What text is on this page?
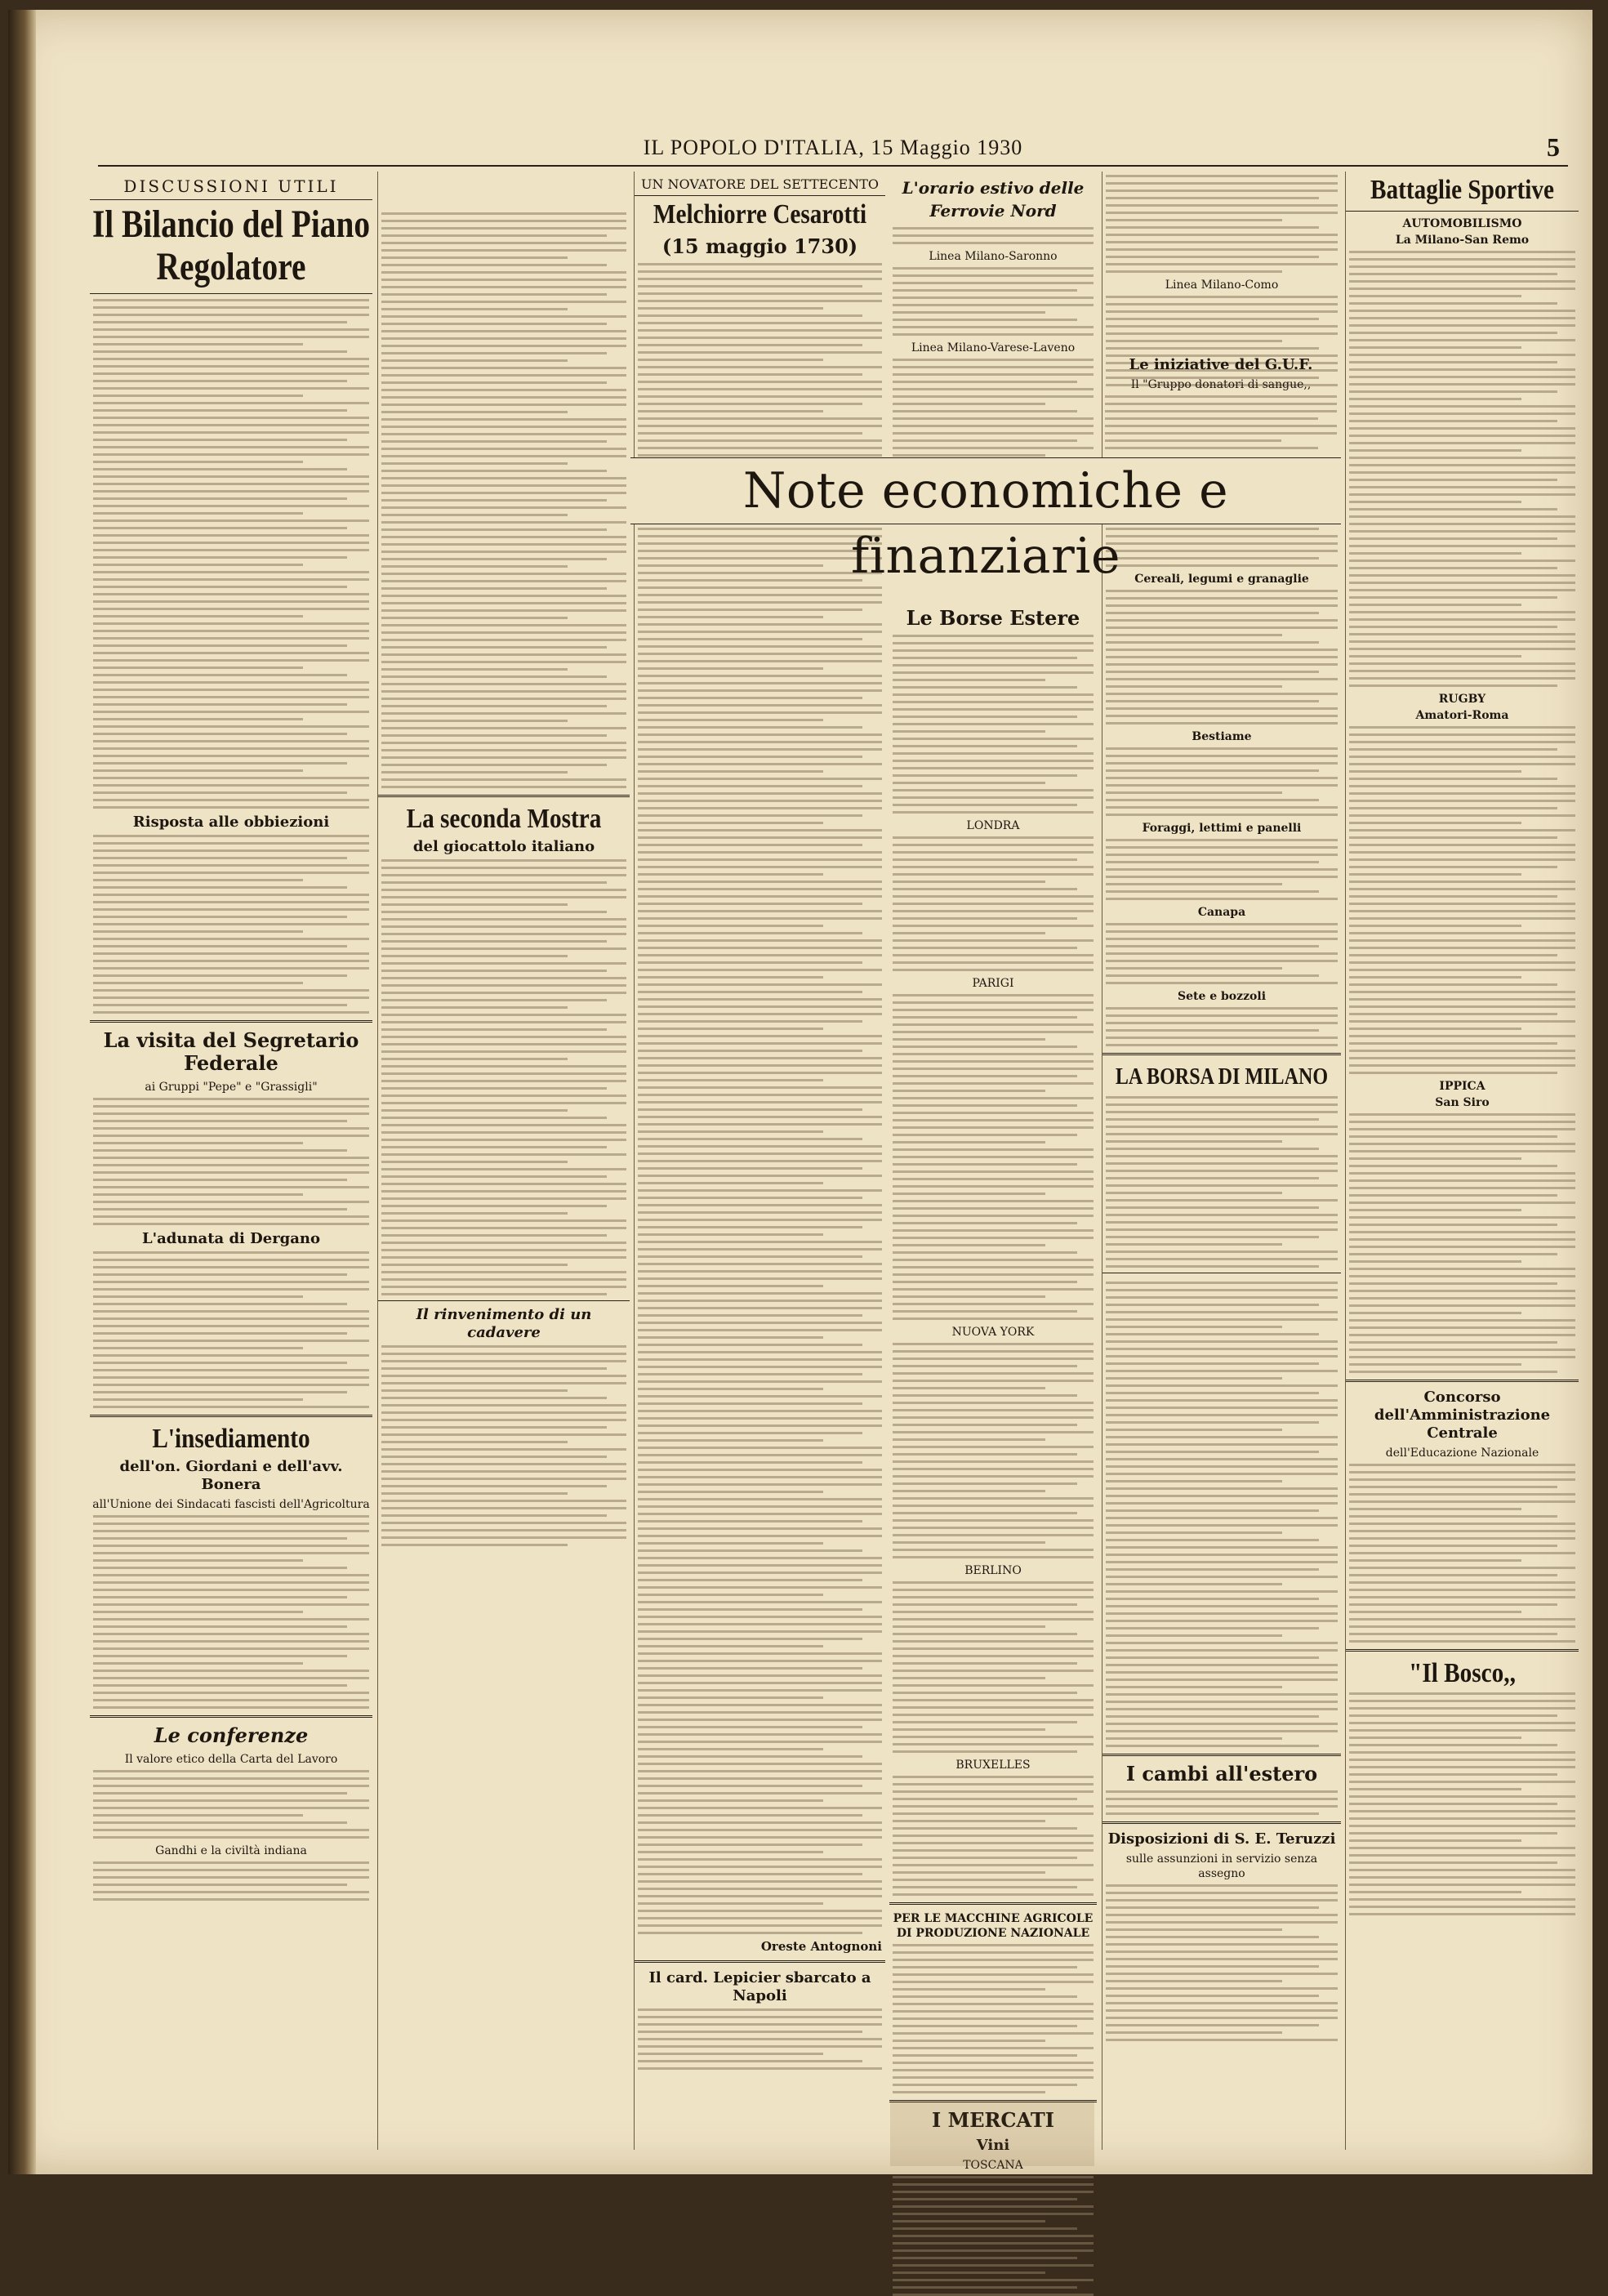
IL POPOLO D'ITALIA, 15 Maggio 1930	5
DISCUSSIONI UTILI
Il Bilancio del Piano Regolatore
Risposta alle obbiezioni
La visita del Segretario Federale
ai Gruppi "Pepe" e "Grassigli"
L'adunata di Dergano
L'insediamento
dell'on. Giordani e dell'avv. Bonera
all'Unione dei Sindacati fascisti dell'Agricoltura
Le conferenze
Il valore etico della Carta del Lavoro
Gandhi e la civiltà indiana
La seconda Mostra
del giocattolo italiano
Il rinvenimento di un cadavere
UN NOVATORE DEL SETTECENTO
Melchiorre Cesarotti
(15 maggio 1730)
Oreste Antognoni
Il card. Lepicier sbarcato a Napoli
Note economiche e finanziarie
L'orario estivo delle Ferrovie Nord
Linea Milano-Saronno
Linea Milano-Varese-Laveno
Le Borse Estere
LONDRA
PARIGI
NUOVA YORK
BERLINO
BRUXELLES
PER LE MACCHINE AGRICOLE DI PRODUZIONE NAZIONALE
I MERCATI
Vini
TOSCANA
Linea Milano-Como
Cereali, legumi e granaglie
Bestiame
Foraggi, lettimi e panelli
Canapa
Sete e bozzoli
LA BORSA DI MILANO
I cambi all'estero
Disposizioni di S. E. Teruzzi
sulle assunzioni in servizio senza assegno
Battaglie Sportive
AUTOMOBILISMO
La Milano-San Remo
RUGBY
Amatori-Roma
IPPICA
San Siro
Concorso dell'Amministrazione Centrale
dell'Educazione Nazionale
"Il Bosco,,
Le iniziative del G.U.F.
Il "Gruppo donatori di sangue,,
